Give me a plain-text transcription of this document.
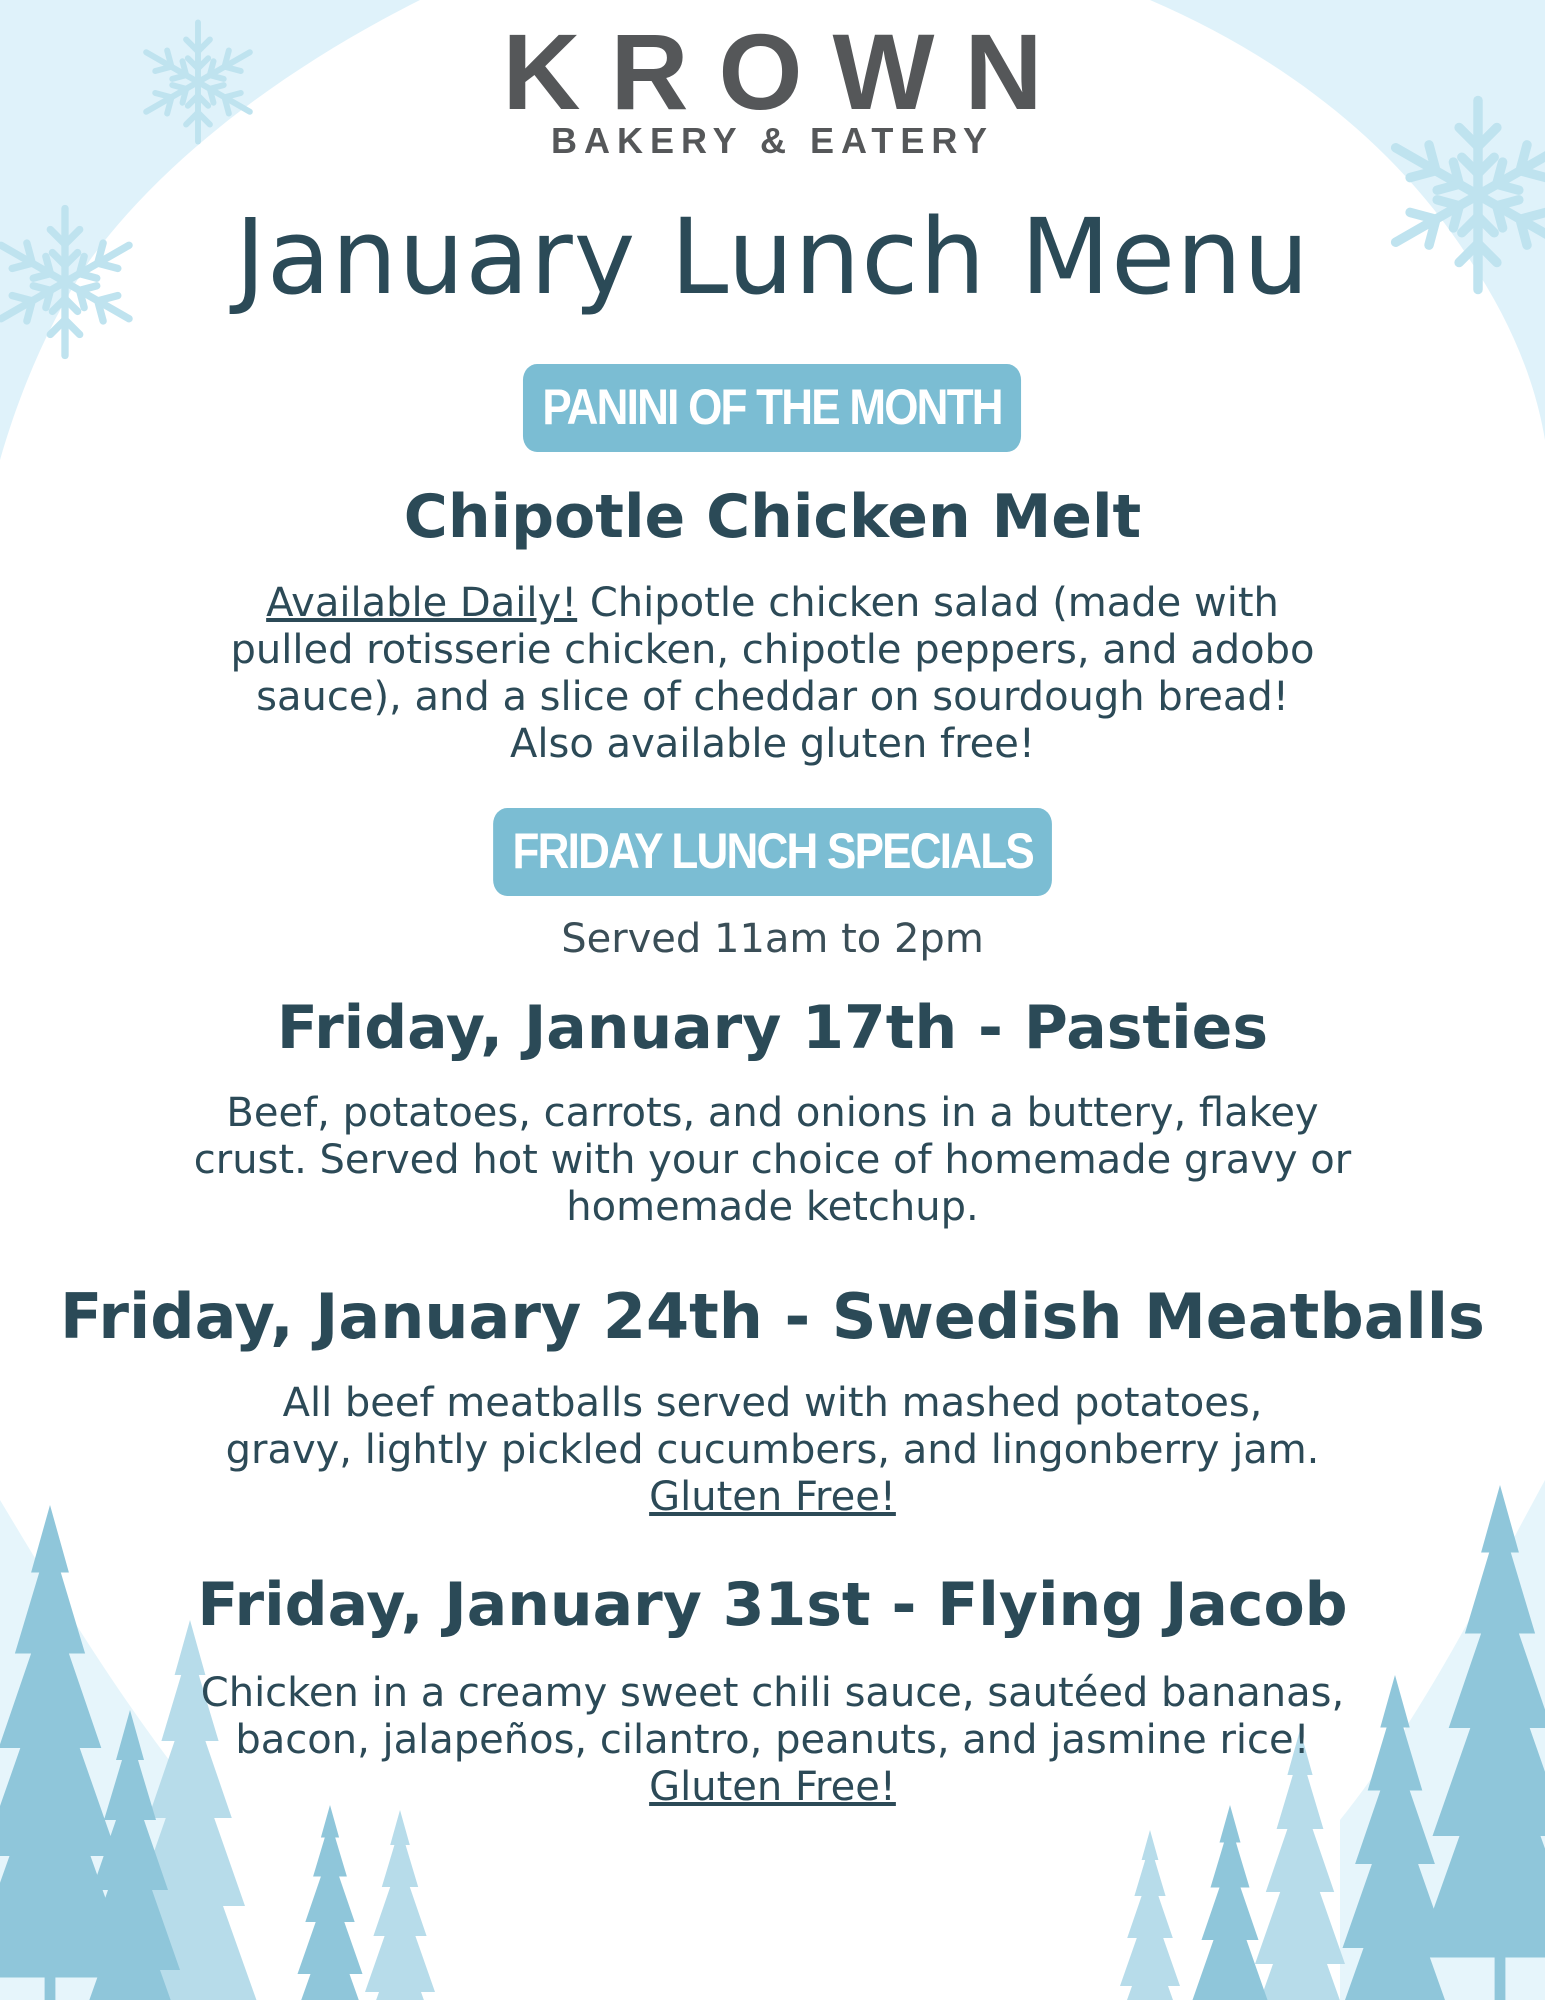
KROWN
BAKERY & EATERY
January Lunch Menu
PANINI OF THE MONTH
Chipotle Chicken Melt
Available Daily! Chipotle chicken salad (made with
pulled rotisserie chicken, chipotle peppers, and adobo
sauce), and a slice of cheddar on sourdough bread!
Also available gluten free!
FRIDAY LUNCH SPECIALS
Served 11am to 2pm
Friday, January 17th - Pasties
Beef, potatoes, carrots, and onions in a buttery, flakey
crust. Served hot with your choice of homemade gravy or
homemade ketchup.
Friday, January 24th - Swedish Meatballs
All beef meatballs served with mashed potatoes,
gravy, lightly pickled cucumbers, and lingonberry jam.
Gluten Free!
Friday, January 31st - Flying Jacob
Chicken in a creamy sweet chili sauce, sautéed bananas,
bacon, jalapeños, cilantro, peanuts, and jasmine rice!
Gluten Free!
